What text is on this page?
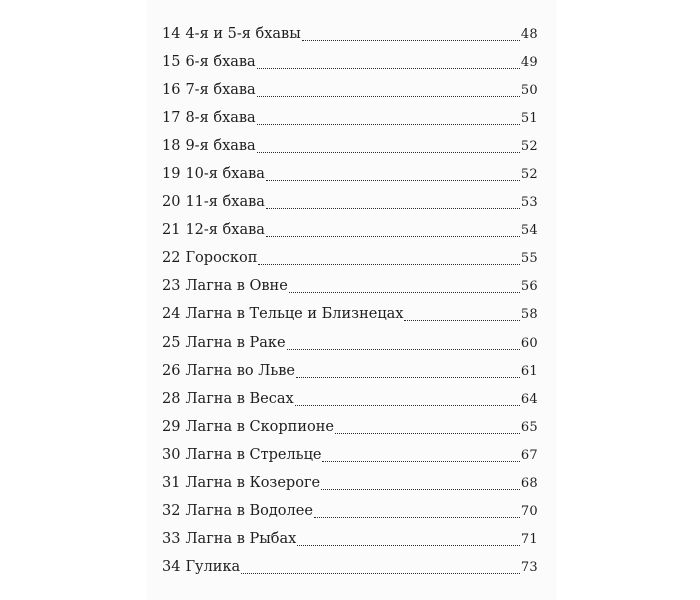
14 4-я и 5-я бхавы	48
15 6-я бхава	49
16 7-я бхава	50
17 8-я бхава	51
18 9-я бхава	52
19 10-я бхава	52
20 11-я бхава	53
21 12-я бхава	54
22 Гороскоп	55
23 Лагна в Овне	56
24 Лагна в Тельце и Близнецах	58
25 Лагна в Раке	60
26 Лагна во Льве	61
28 Лагна в Весах	64
29 Лагна в Скорпионе	65
30 Лагна в Стрельце	67
31 Лагна в Козероге	68
32 Лагна в Водолее	70
33 Лагна в Рыбах	71
34 Гулика	73
